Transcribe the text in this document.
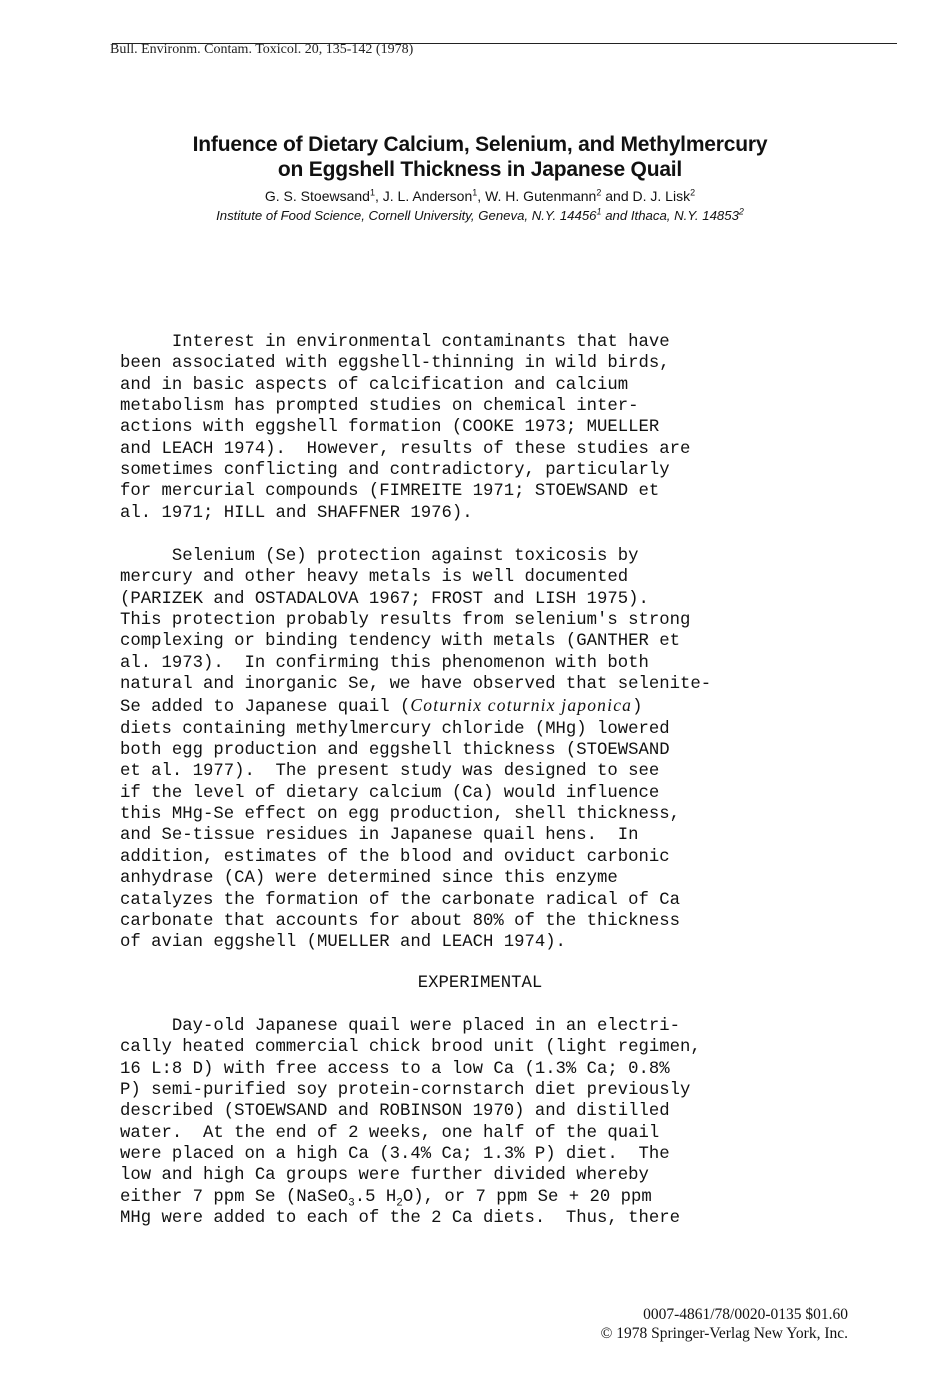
Bull. Environm. Contam. Toxicol. 20, 135-142 (1978)
Infuence of Dietary Calcium, Selenium, and Methylmercury
on Eggshell Thickness in Japanese Quail
G. S. Stoewsand$^1$, J. L. Anderson$^1$, W. H. Gutenmann$^2$ and D. J. Lisk$^2$
Institute of Food Science, Cornell University, Geneva, N.Y. 14456$^1$ and Ithaca, N.Y. 14853$^2$
Interest in environmental contaminants that have
been associated with eggshell-thinning in wild birds,
and in basic aspects of calcification and calcium
metabolism has prompted studies on chemical inter-
actions with eggshell formation (COOKE 1973; MUELLER
and LEACH 1974).  However, results of these studies are
sometimes conflicting and contradictory, particularly
for mercurial compounds (FIMREITE 1971; STOEWSAND et
al. 1971; HILL and SHAFFNER 1976).
Selenium (Se) protection against toxicosis by
mercury and other heavy metals is well documented
(PARIZEK and OSTADALOVA 1967; FROST and LISH 1975).
This protection probably results from selenium's strong
complexing or binding tendency with metals (GANTHER et
al. 1973).  In confirming this phenomenon with both
natural and inorganic Se, we have observed that selenite-
Se added to Japanese quail (Coturnix coturnix japonica)
diets containing methylmercury chloride (MHg) lowered
both egg production and eggshell thickness (STOEWSAND
et al. 1977).  The present study was designed to see
if the level of dietary calcium (Ca) would influence
this MHg-Se effect on egg production, shell thickness,
and Se-tissue residues in Japanese quail hens.  In
addition, estimates of the blood and oviduct carbonic
anhydrase (CA) were determined since this enzyme
catalyzes the formation of the carbonate radical of Ca
carbonate that accounts for about 80% of the thickness
of avian eggshell (MUELLER and LEACH 1974).
EXPERIMENTAL
Day-old Japanese quail were placed in an electri-
cally heated commercial chick brood unit (light regimen,
16 L:8 D) with free access to a low Ca (1.3% Ca; 0.8%
P) semi-purified soy protein-cornstarch diet previously
described (STOEWSAND and ROBINSON 1970) and distilled
water.  At the end of 2 weeks, one half of the quail
were placed on a high Ca (3.4% Ca; 1.3% P) diet.  The
low and high Ca groups were further divided whereby
either 7 ppm Se (NaSeO$_3$.5 $H_2O$), or 7 ppm Se + 20 ppm
MHg were added to each of the 2 Ca diets.  Thus, there
0007-4861/78/0020-0135 $01.60
© 1978 Springer-Verlag New York, Inc.
